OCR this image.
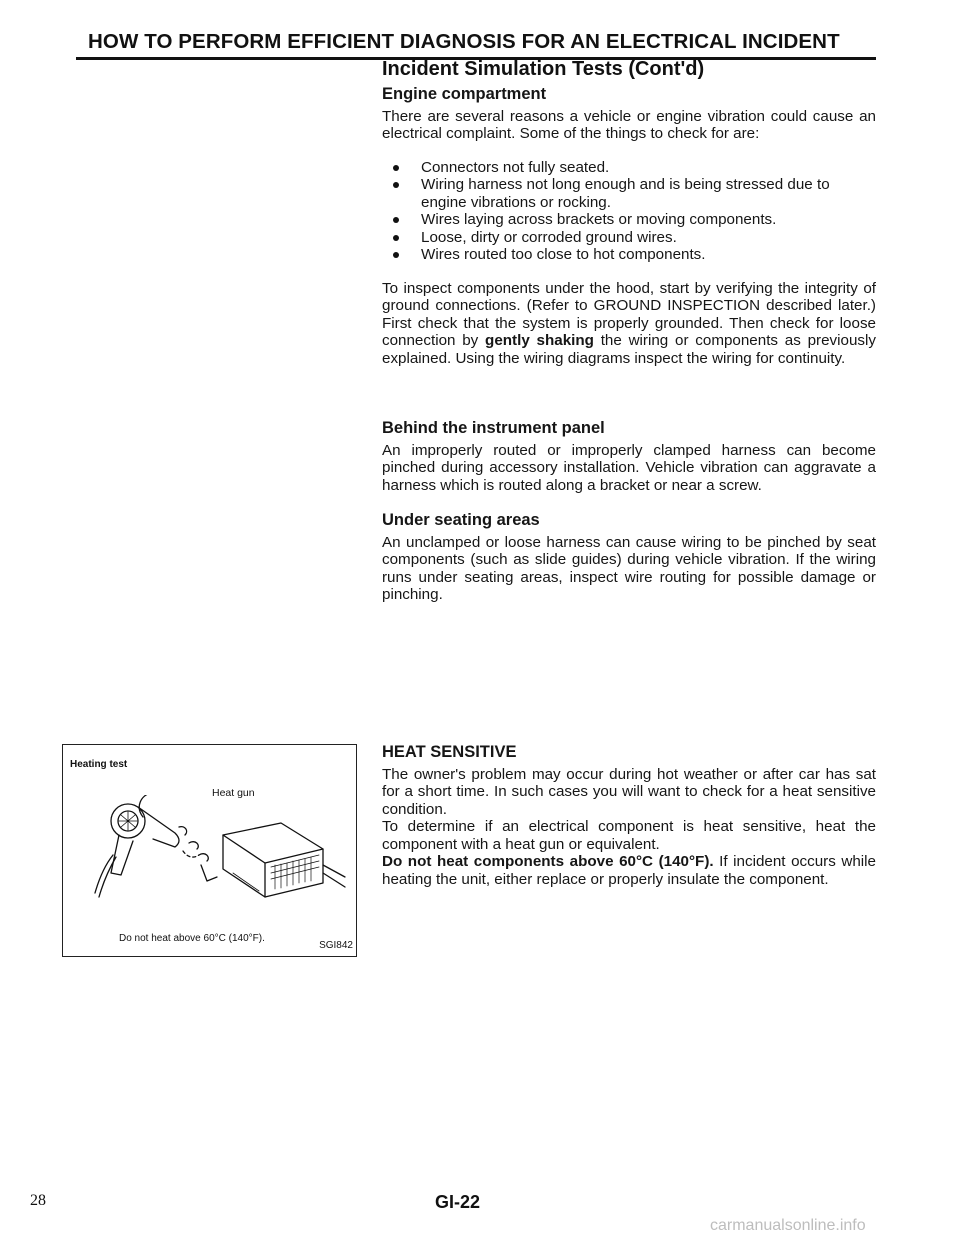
HOW TO PERFORM EFFICIENT DIAGNOSIS FOR AN ELECTRICAL INCIDENT
Incident Simulation Tests (Cont'd)
Engine compartment

There are several reasons a vehicle or engine vibration could cause an electrical complaint. Some of the things to check for are:

Connectors not fully seated.
Wiring harness not long enough and is being stressed due to engine vibrations or rocking.
Wires laying across brackets or moving components.
Loose, dirty or corroded ground wires.
Wires routed too close to hot components.

To inspect components under the hood, start by verifying the integrity of ground connections. (Refer to GROUND INSPECTION described later.) First check that the system is properly grounded. Then check for loose connection by gently shaking the wiring or components as previously explained. Using the wiring diagrams inspect the wiring for continuity.

Behind the instrument panel

An improperly routed or improperly clamped harness can become pinched during accessory installation. Vehicle vibration can aggravate a harness which is routed along a bracket or near a screw.

Under seating areas

An unclamped or loose harness can cause wiring to be pinched by seat components (such as slide guides) during vehicle vibration. If the wiring runs under seating areas, inspect wire routing for possible damage or pinching.

HEAT SENSITIVE

The owner's problem may occur during hot weather or after car has sat for a short time. In such cases you will want to check for a heat sensitive condition.

To determine if an electrical component is heat sensitive, heat the component with a heat gun or equivalent.

Do not heat components above 60°C (140°F). If incident occurs while heating the unit, either replace or properly insulate the component.

Heating test
Heat gun
Do not heat above 60°C (140°F).
SGI842
28	GI-22
carmanualsonline.info
